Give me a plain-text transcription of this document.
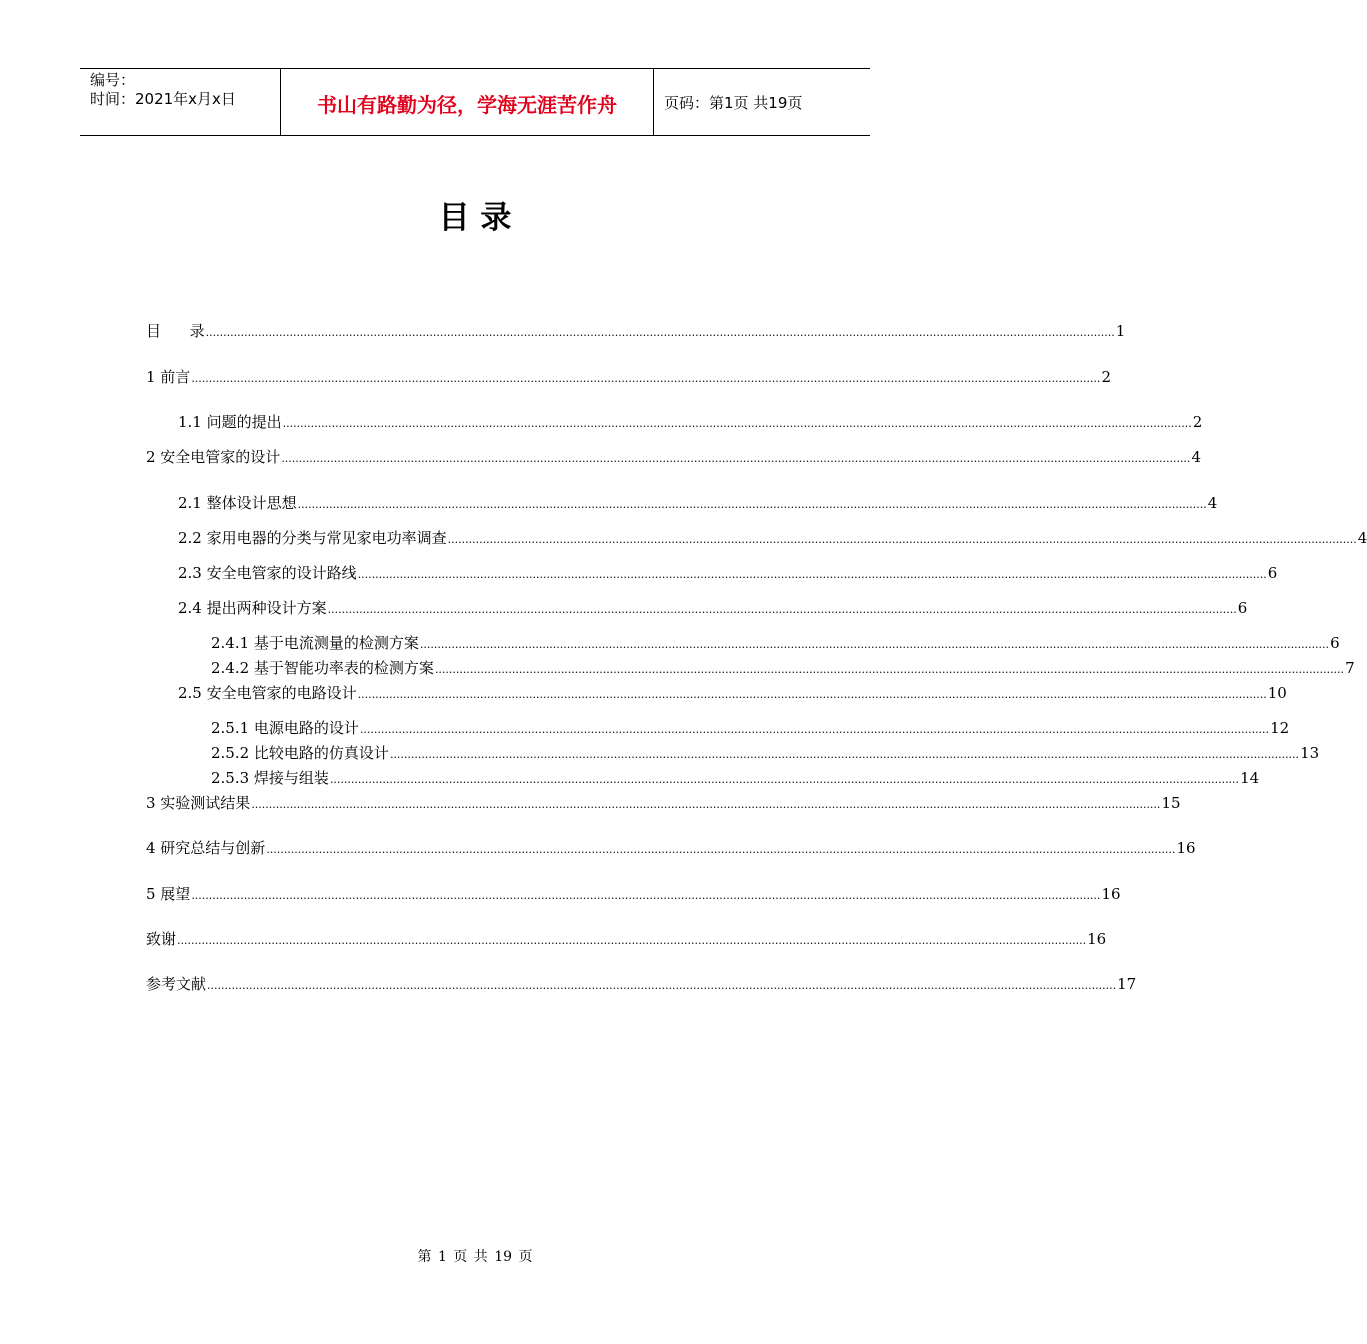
编号：
时间：2021年x月x日	书山有路勤为径，学海无涯苦作舟	页码：第1页 共19页
目 录
目      录 .................................................................................................................................................................................................................................................................... 1
1 前言 .................................................................................................................................................................................................................................................................... 2
1.1 问题的提出 .................................................................................................................................................................................................................................................................... 2
2 安全电管家的设计 .................................................................................................................................................................................................................................................................... 4
2.1 整体设计思想 .................................................................................................................................................................................................................................................................... 4
2.2 家用电器的分类与常见家电功率调查 .................................................................................................................................................................................................................................................................... 4
2.3 安全电管家的设计路线 .................................................................................................................................................................................................................................................................... 6
2.4 提出两种设计方案 .................................................................................................................................................................................................................................................................... 6
2.4.1 基于电流测量的检测方案 .................................................................................................................................................................................................................................................................... 6
2.4.2 基于智能功率表的检测方案 .................................................................................................................................................................................................................................................................... 7
2.5 安全电管家的电路设计 .................................................................................................................................................................................................................................................................... 10
2.5.1 电源电路的设计 .................................................................................................................................................................................................................................................................... 12
2.5.2 比较电路的仿真设计 .................................................................................................................................................................................................................................................................... 13
2.5.3 焊接与组装 .................................................................................................................................................................................................................................................................... 14
3 实验测试结果 .................................................................................................................................................................................................................................................................... 15
4 研究总结与创新 .................................................................................................................................................................................................................................................................... 16
5 展望 .................................................................................................................................................................................................................................................................... 16
致谢 .................................................................................................................................................................................................................................................................... 16
参考文献 .................................................................................................................................................................................................................................................................... 17
第 1 页 共 19 页
